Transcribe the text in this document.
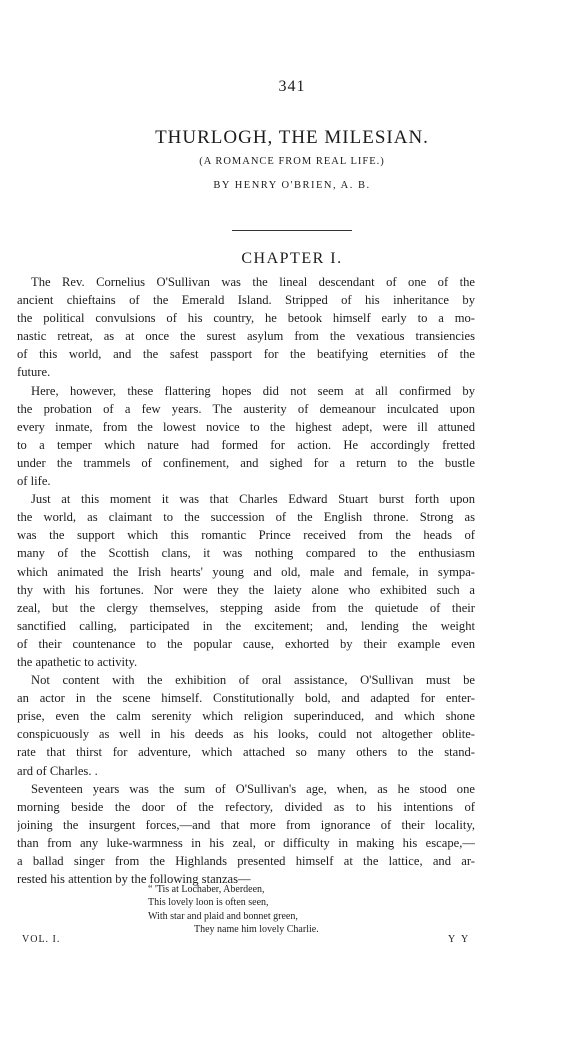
341
THURLOGH, THE MILESIAN.
(A ROMANCE FROM REAL LIFE.)
BY HENRY O'BRIEN, A. B.
CHAPTER I.
The Rev. Cornelius O'Sullivan was the lineal descendant of one of the
ancient chieftains of the Emerald Island. Stripped of his inheritance by
the political convulsions of his country, he betook himself early to a mo-
nastic retreat, as at once the surest asylum from the vexatious transiencies
of this world, and the safest passport for the beatifying eternities of the
future.
Here, however, these flattering hopes did not seem at all confirmed by
the probation of a few years. The austerity of demeanour inculcated upon
every inmate, from the lowest novice to the highest adept, were ill attuned
to a temper which nature had formed for action. He accordingly fretted
under the trammels of confinement, and sighed for a return to the bustle
of life.
Just at this moment it was that Charles Edward Stuart burst forth upon
the world, as claimant to the succession of the English throne. Strong as
was the support which this romantic Prince received from the heads of
many of the Scottish clans, it was nothing compared to the enthusiasm
which animated the Irish hearts' young and old, male and female, in sympa-
thy with his fortunes. Nor were they the laiety alone who exhibited such a
zeal, but the clergy themselves, stepping aside from the quietude of their
sanctified calling, participated in the excitement; and, lending the weight
of their countenance to the popular cause, exhorted by their example even
the apathetic to activity.
Not content with the exhibition of oral assistance, O'Sullivan must be
an actor in the scene himself. Constitutionally bold, and adapted for enter-
prise, even the calm serenity which religion superinduced, and which shone
conspicuously as well in his deeds as his looks, could not altogether oblite-
rate that thirst for adventure, which attached so many others to the stand-
ard of Charles. .
Seventeen years was the sum of O'Sullivan's age, when, as he stood one
morning beside the door of the refectory, divided as to his intentions of
joining the insurgent forces,—and that more from ignorance of their locality,
than from any luke-warmness in his zeal, or difficulty in making his escape,—
a ballad singer from the Highlands presented himself at the lattice, and ar-
rested his attention by the following stanzas—
“ 'Tis at Lochaber, Aberdeen,
This lovely loon is often seen,
With star and plaid and bonnet green,
They name him lovely Charlie.
VOL. I.	Y Y
